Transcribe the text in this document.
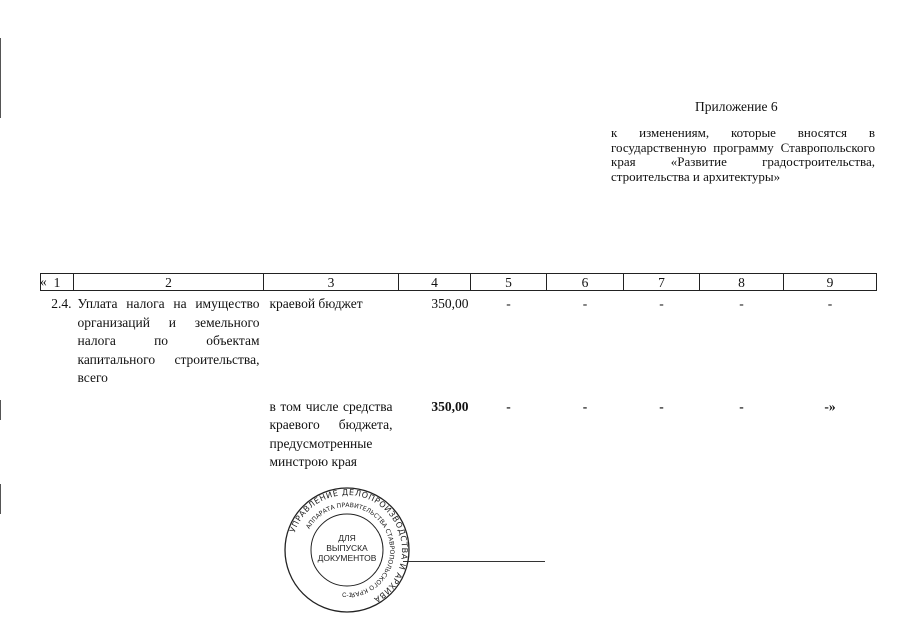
Приложение 6
к изменениям, которые вносятся в государственную программу Ставропольского края «Развитие градостроительства, строительства и архитектуры»
« 1	2	3	4	5	6	7	8	9
2.4.	Уплата налога на имущество организаций и земельного налога по объектам капитального строительства, всего	краевой бюджет	350,00	-	-	-	-	-
		в том числе средства краевого бюджета, предусмотренные минстрою края	350,00	-	-	-	-	-»
УПРАВЛЕНИЕ ДЕЛОПРОИЗВОДСТВА И АРХИВА
АППАРАТА ПРАВИТЕЛЬСТВА СТАВРОПОЛЬСКОГО КРАЯ
ДЛЯ
ВЫПУСКА
ДОКУМЕНТОВ
С-1
